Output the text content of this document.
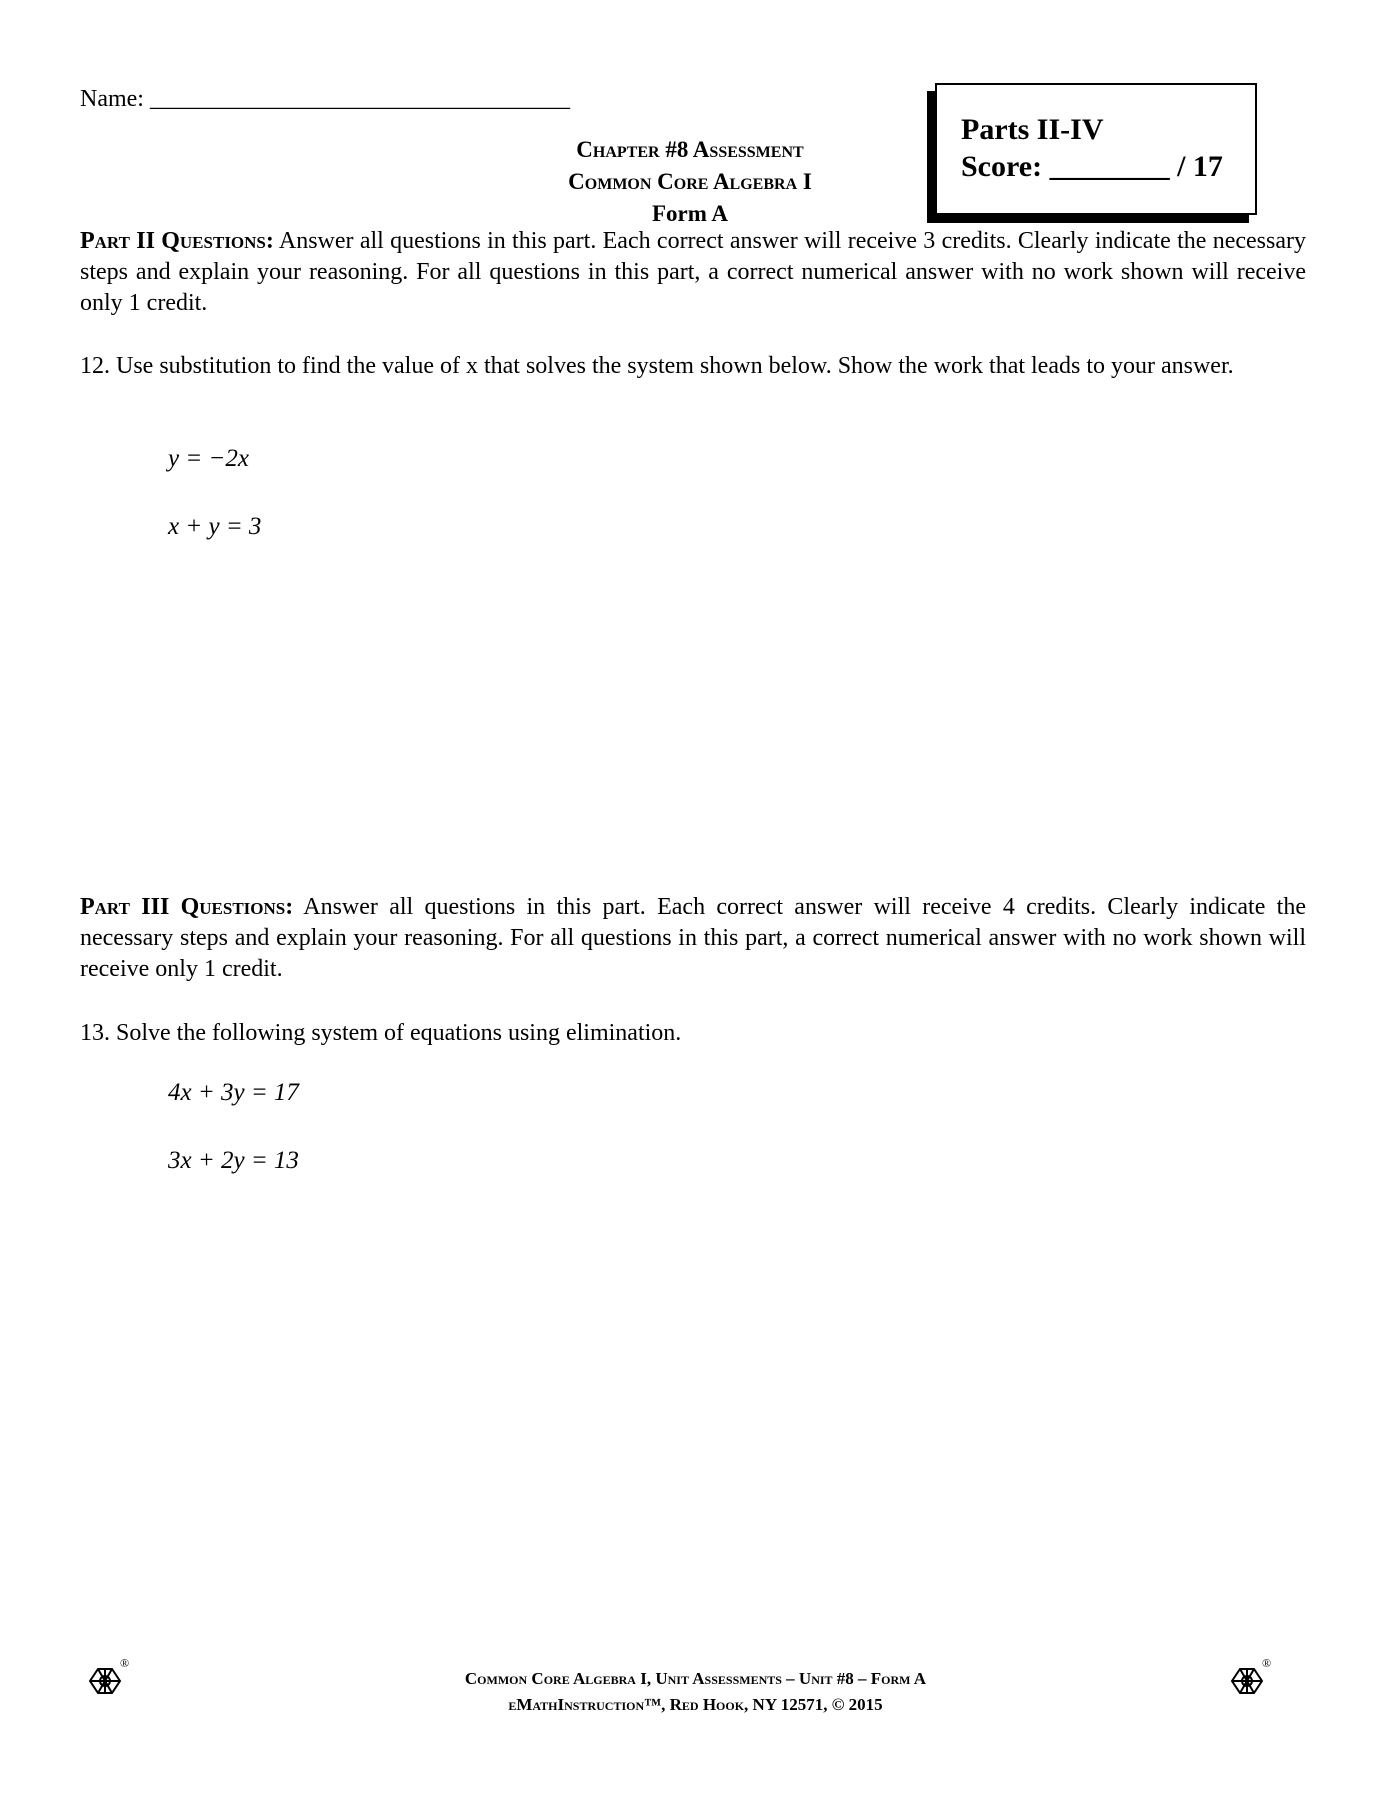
Name: ___________________________________
Chapter #8 Assessment
Common Core Algebra I
Form A
Parts II-IV
Score: ________ / 17
Part II Questions: Answer all questions in this part. Each correct answer will receive 3 credits. Clearly indicate the necessary steps and explain your reasoning. For all questions in this part, a correct numerical answer with no work shown will receive only 1 credit.
12. Use substitution to find the value of x that solves the system shown below. Show the work that leads to your answer.
y = −2x
x + y = 3
Part III Questions: Answer all questions in this part. Each correct answer will receive 4 credits. Clearly indicate the necessary steps and explain your reasoning. For all questions in this part, a correct numerical answer with no work shown will receive only 1 credit.
13. Solve the following system of equations using elimination.
4x + 3y = 17
3x + 2y = 13
Common Core Algebra I, Unit Assessments – Unit #8 – Form A
eMathInstruction™, Red Hook, NY 12571, © 2015
®	®
